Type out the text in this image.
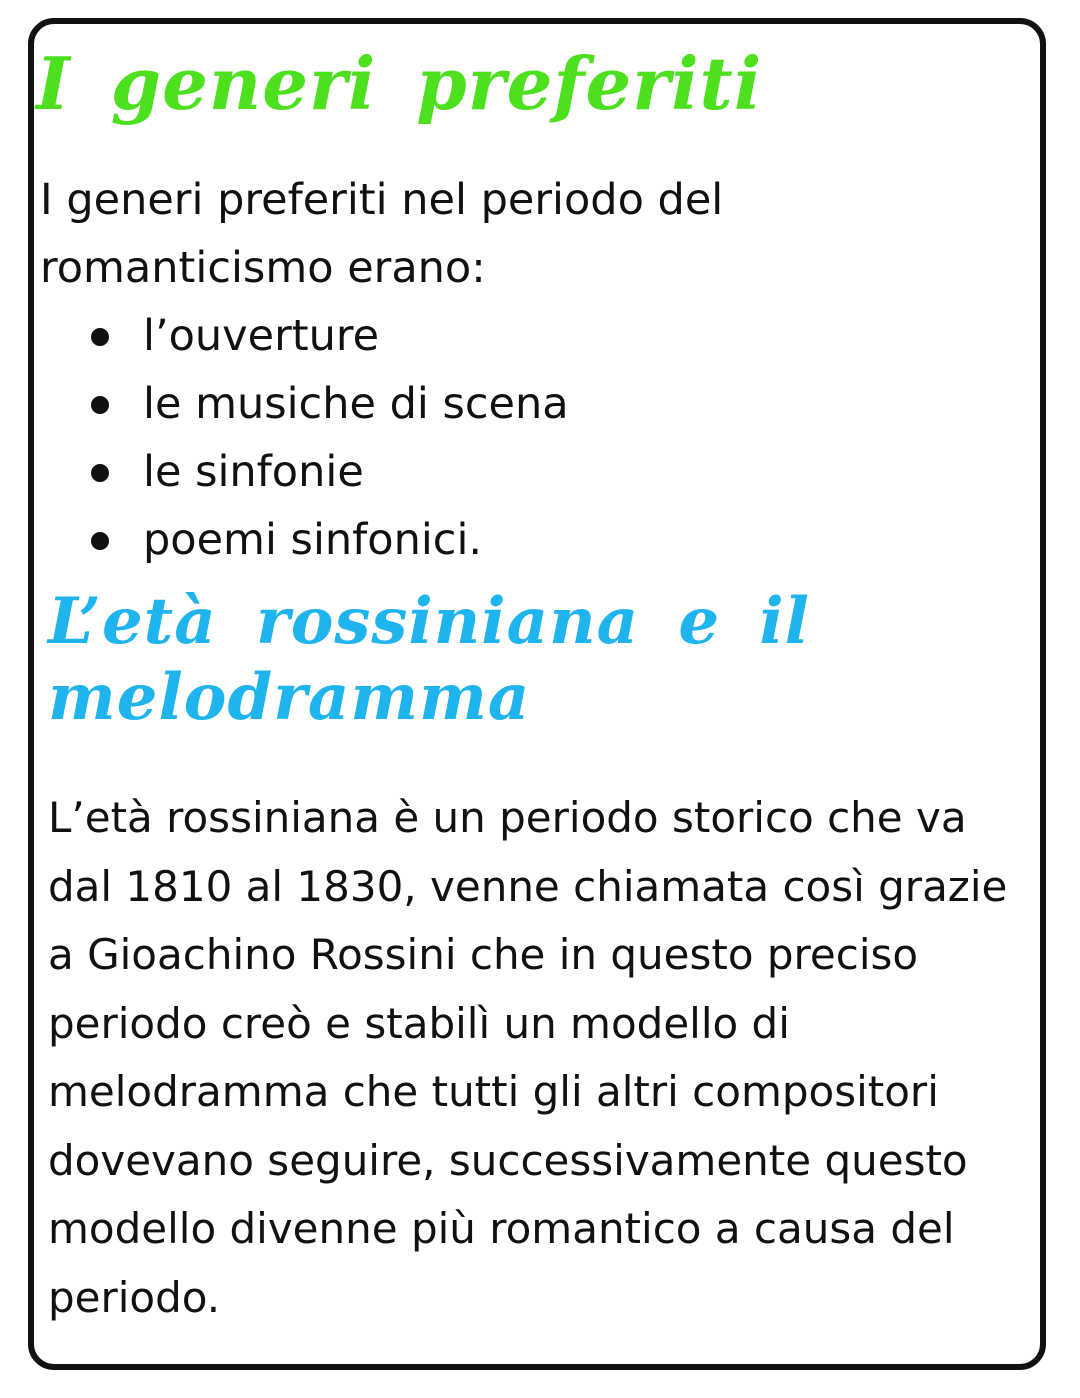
I generi preferiti

I generi preferiti nel periodo del romanticismo erano:

l’ouverture
le musiche di scena
le sinfonie
poemi sinfonici.
L’età rossiniana e il
melodramma

L’età rossiniana è un periodo storico che va dal 1810 al 1830, venne chiamata così grazie a Gioachino Rossini che in questo preciso periodo creò e stabilì un modello di melodramma che tutti gli altri compositori dovevano seguire, successivamente questo modello divenne più romantico a causa del periodo.
